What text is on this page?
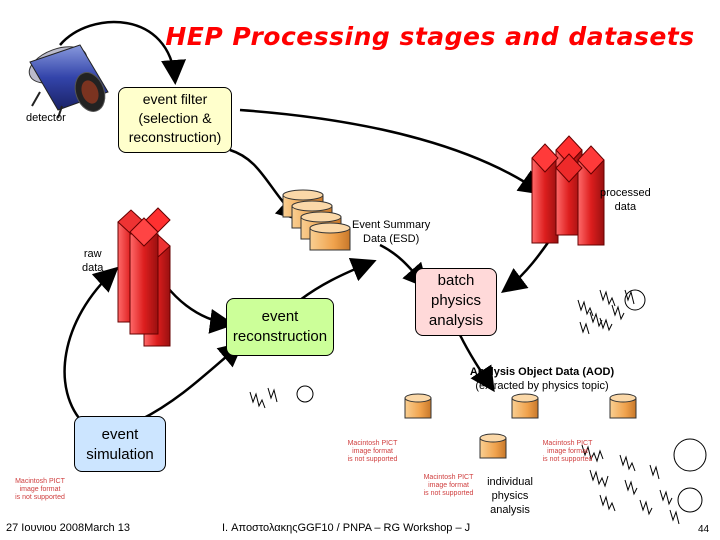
HEP Processing stages and datasets
detector
event filter
(selection &
reconstruction)
processed
data
Event Summary
Data (ESD)
raw
data
batch
physics
analysis
event
reconstruction
Analysis Object Data (AOD)
(extracted by physics topic)
event
simulation
individual
physics
analysis
Macintosh PICT
image format
is not supported
Macintosh PICT
image format
is not supported
Macintosh PICT
image format
is not supported
Macintosh PICT
image format
is not supported
27 Ιουνιου 2008March 13	I. ΑποστολακηςGGF10 / PNPA – RG Workshop – J	44
